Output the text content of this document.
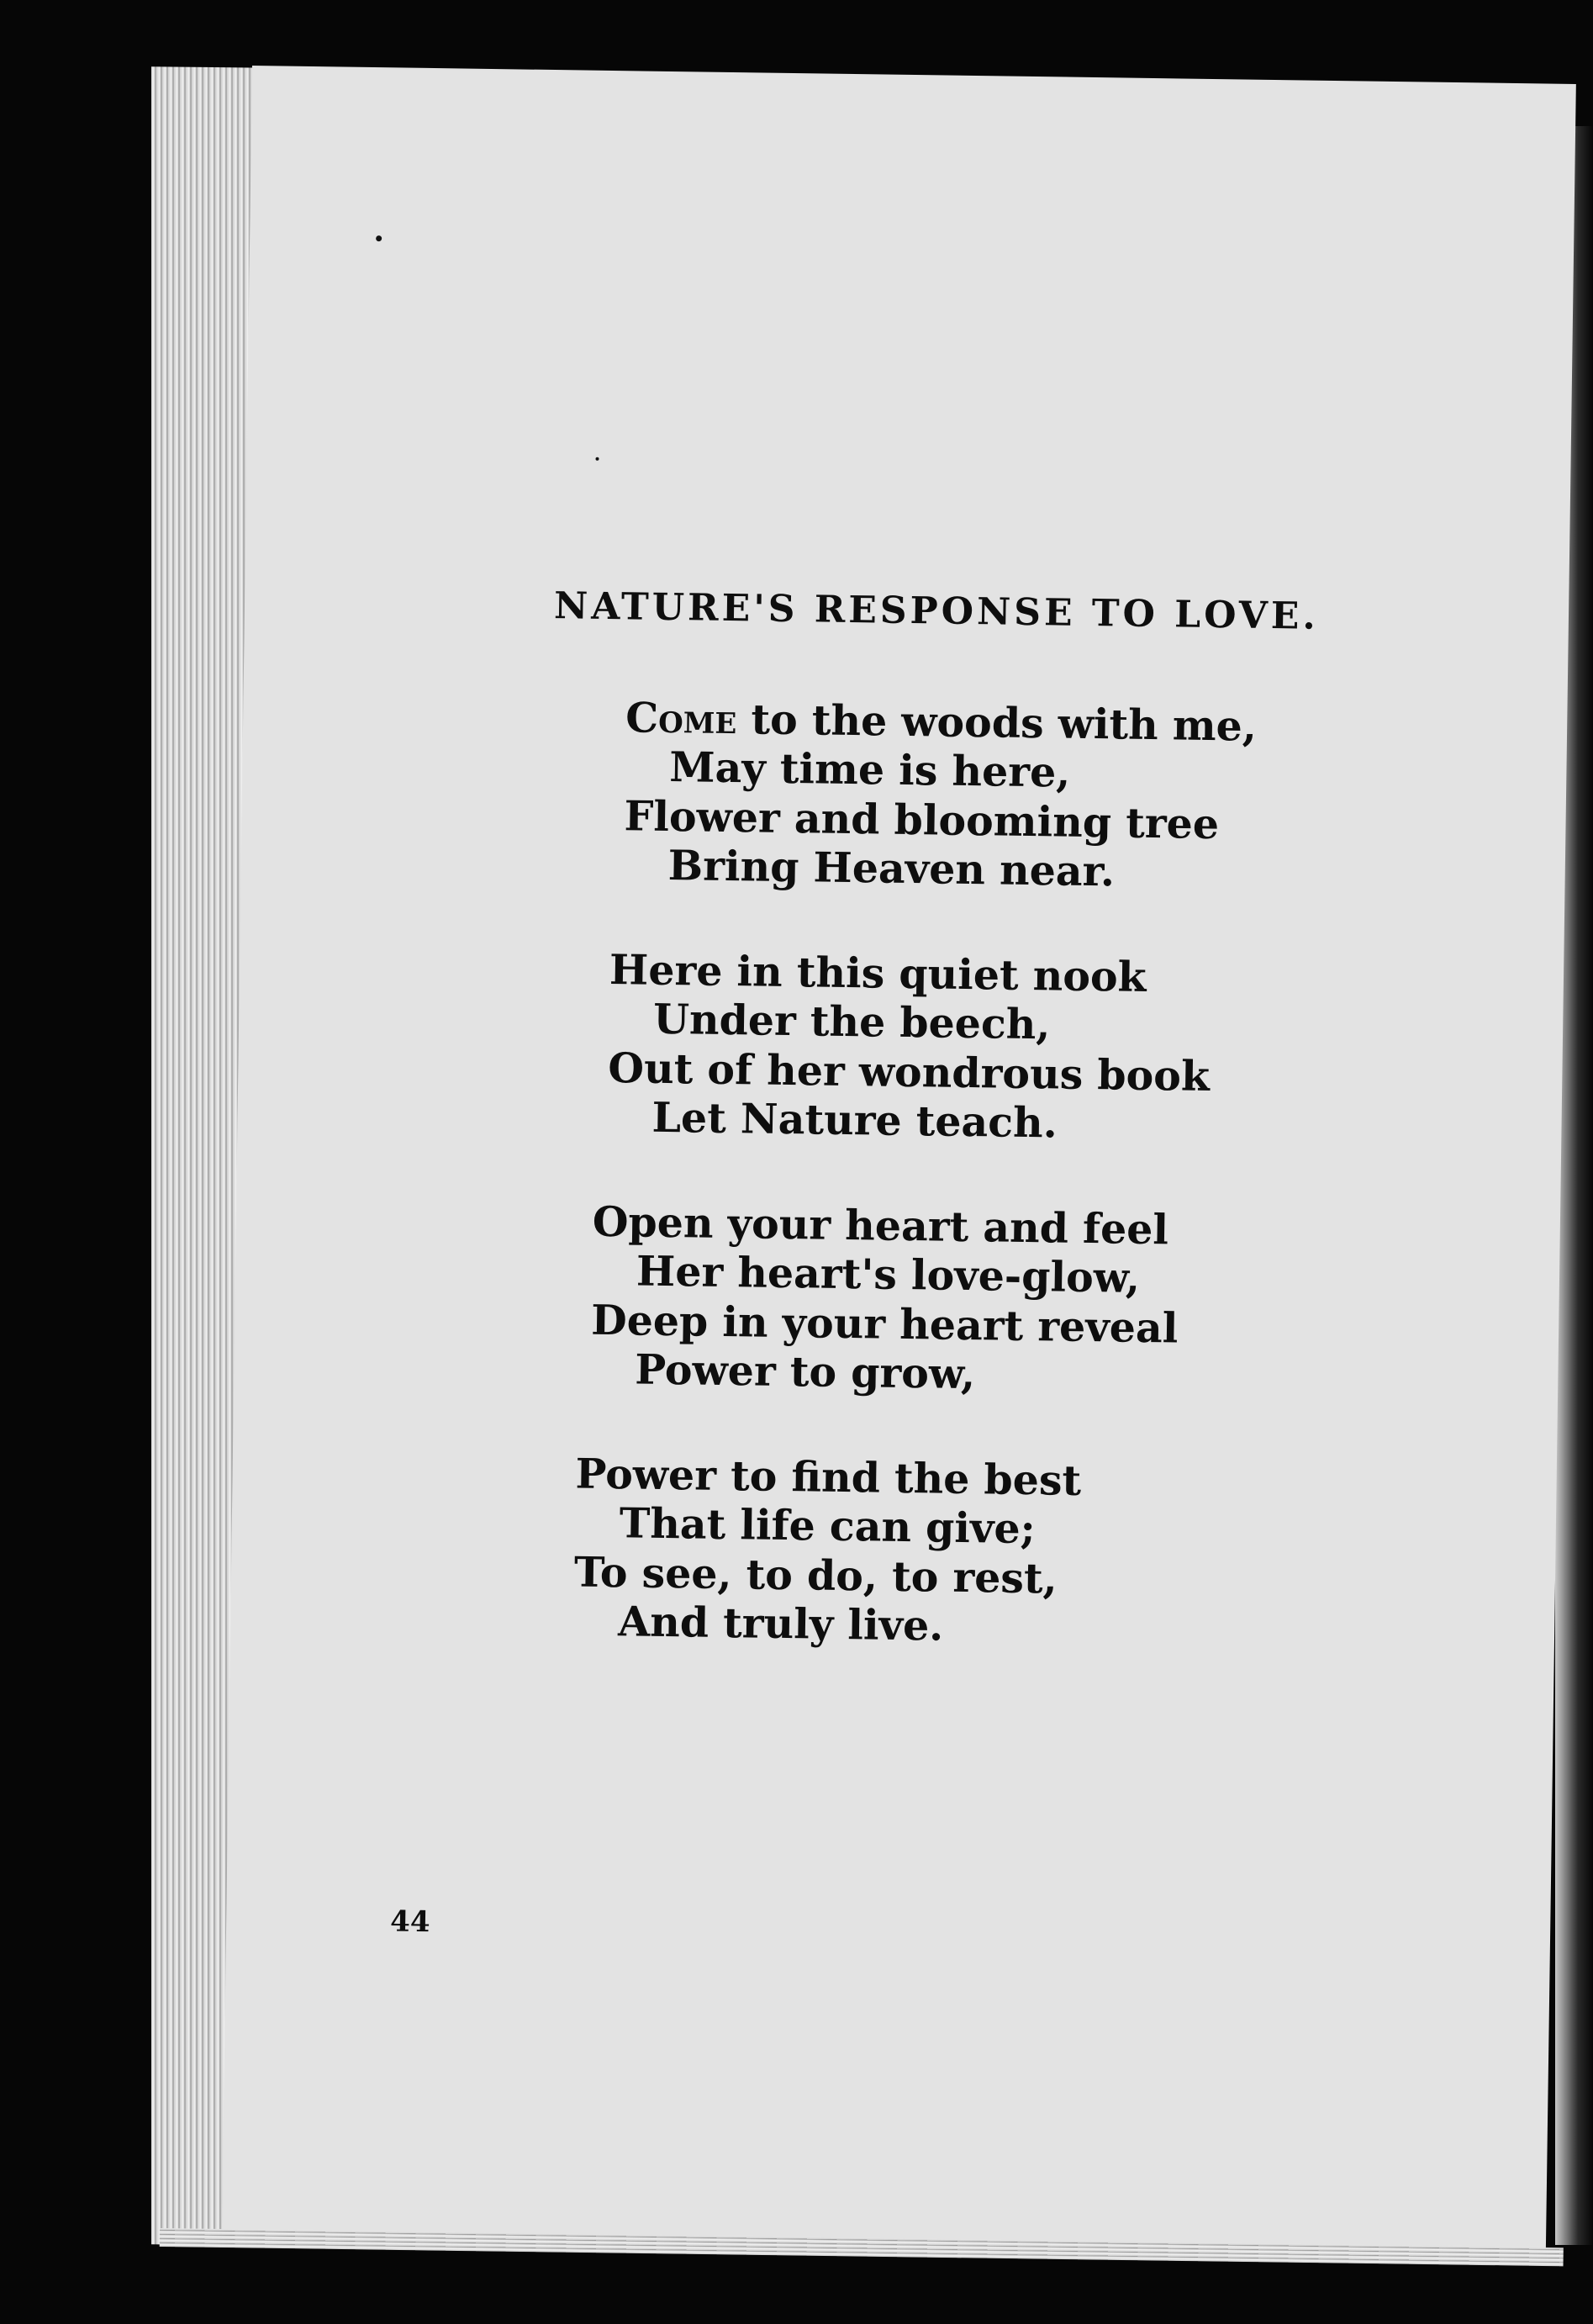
NATURE'S RESPONSE TO LOVE.
Come to the woods with me,
May time is here,
Flower and blooming tree
Bring Heaven near.
Here in this quiet nook
Under the beech,
Out of her wondrous book
Let Nature teach.
Open your heart and feel
Her heart's love-glow,
Deep in your heart reveal
Power to grow,
Power to find the best
That life can give;
To see, to do, to rest,
And truly live.
44
